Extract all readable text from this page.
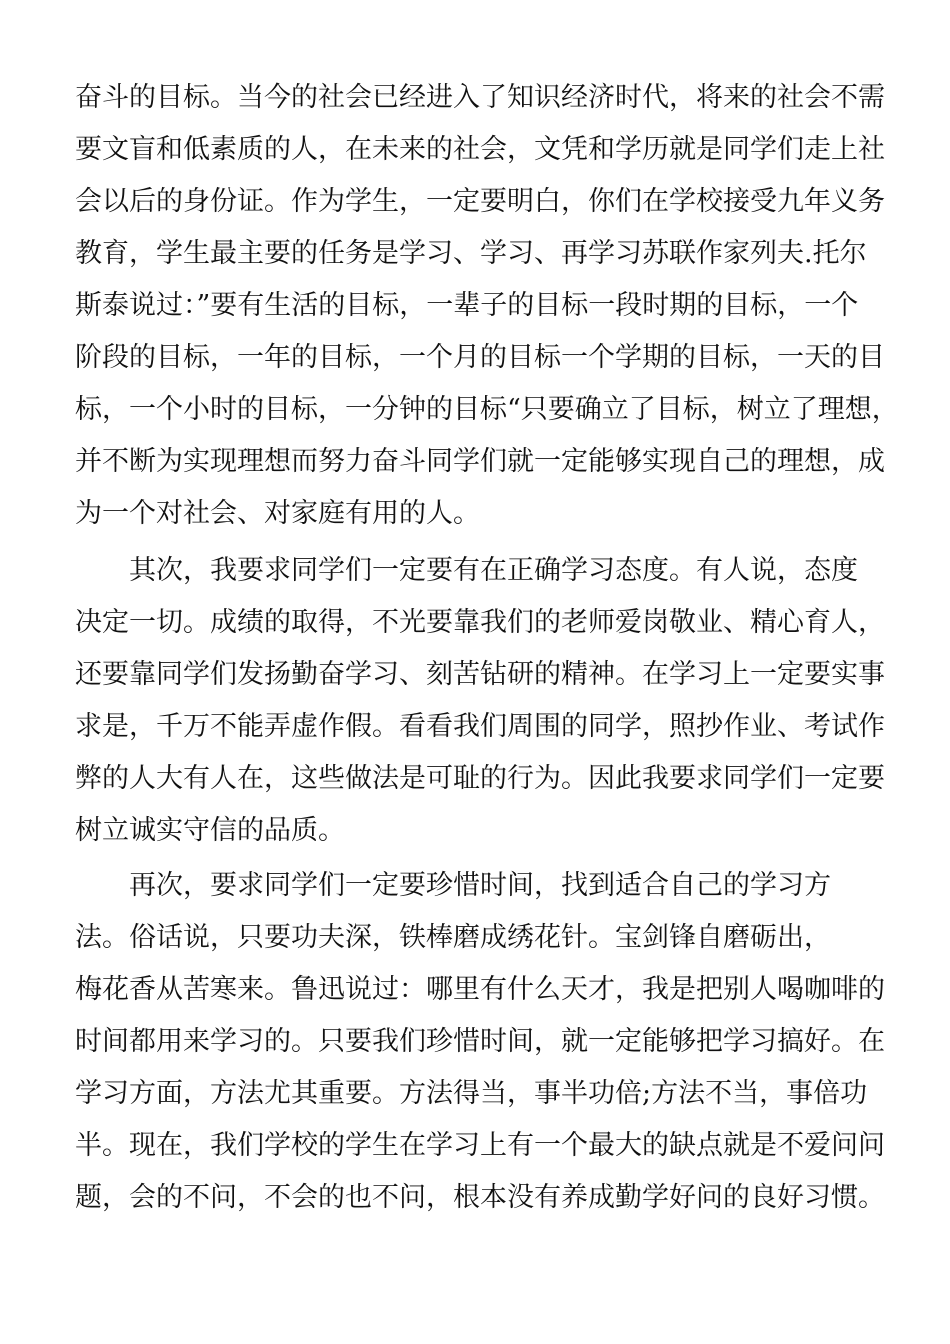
奋斗的目标。当今的社会已经进入了知识经济时代，将来的社会不需
要文盲和低素质的人，在未来的社会，文凭和学历就是同学们走上社
会以后的身份证。作为学生，一定要明白，你们在学校接受九年义务
教育，学生最主要的任务是学习、学习、再学习苏联作家列夫.托尔
斯泰说过：”要有生活的目标，一辈子的目标一段时期的目标，一个
阶段的目标，一年的目标，一个月的目标一个学期的目标，一天的目
标，一个小时的目标，一分钟的目标“只要确立了目标，树立了理想，
并不断为实现理想而努力奋斗同学们就一定能够实现自己的理想，成
为一个对社会、对家庭有用的人。
其次，我要求同学们一定要有在正确学习态度。有人说，态度
决定一切。成绩的取得，不光要靠我们的老师爱岗敬业、精心育人，
还要靠同学们发扬勤奋学习、刻苦钻研的精神。在学习上一定要实事
求是，千万不能弄虚作假。看看我们周围的同学，照抄作业、考试作
弊的人大有人在，这些做法是可耻的行为。因此我要求同学们一定要
树立诚实守信的品质。
再次，要求同学们一定要珍惜时间，找到适合自己的学习方
法。俗话说，只要功夫深，铁棒磨成绣花针。宝剑锋自磨砺出，
梅花香从苦寒来。鲁迅说过：哪里有什么天才，我是把别人喝咖啡的
时间都用来学习的。只要我们珍惜时间，就一定能够把学习搞好。在
学习方面，方法尤其重要。方法得当，事半功倍;方法不当，事倍功
半。现在，我们学校的学生在学习上有一个最大的缺点就是不爱问问
题，会的不问，不会的也不问，根本没有养成勤学好问的良好习惯。
